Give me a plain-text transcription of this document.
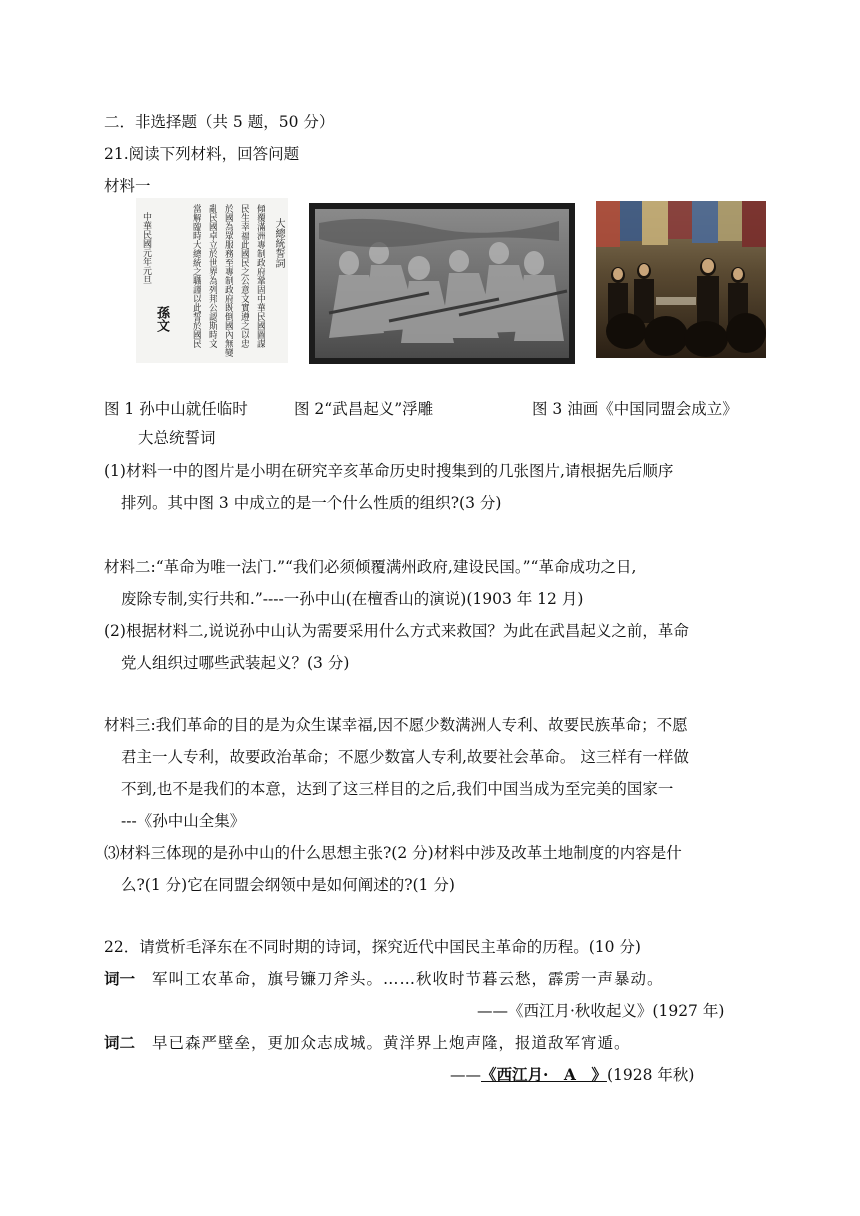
二．非选择题（共 5 题，50 分）
21.阅读下列材料，回答问题
材料一
大總統誓詞
傾覆滿洲專制政府鞏固中華民國圖謀
民生幸福此國民之公意文實遵之以忠
於國為眾服務至專制政府既倒國內無變
亂民國卓立於世界為列邦公認斯時文
當解臨時大總統之職謹以此誓於國民
中華民國元年元旦
孫文
图 1 孙中山就任临时
大总统誓词
图 2“武昌起义”浮雕	图 3 油画《中国同盟会成立》
(1)材料一中的图片是小明在研究辛亥革命历史时搜集到的几张图片,请根据先后顺序
排列。其中图 3 中成立的是一个什么性质的组织?(3 分)
材料二:“革命为唯一法门.”“我们必须倾覆满州政府,建设民国。”“革命成功之日,
废除专制,实行共和.”----一孙中山(在檀香山的演说)(1903 年 12 月)
(2)根据材料二,说说孙中山认为需要采用什么方式来救国？为此在武昌起义之前，革命
党人组织过哪些武装起义？(3 分)
材料三:我们革命的目的是为众生谋幸福,因不愿少数满洲人专利、故要民族革命；不愿
君主一人专利，故要政治革命；不愿少数富人专利,故要社会革命。 这三样有一样做
不到,也不是我们的本意，达到了这三样目的之后,我们中国当成为至完美的国家一
---《孙中山全集》
⑶材料三体现的是孙中山的什么思想主张?(2 分)材料中涉及改革土地制度的内容是什
么?(1 分)它在同盟会纲领中是如何阐述的?(1 分)
22．请赏析毛泽东在不同时期的诗词，探究近代中国民主革命的历程。(10 分)
词一 军叫工农革命，旗号镰刀斧头。……秋收时节暮云愁，霹雳一声暴动。
——《西江月·秋收起义》(1927 年)
词二 早已森严壁垒，更加众志成城。黄洋界上炮声隆，报道敌军宵遁。
——《西江月·　A　》(1928 年秋)
